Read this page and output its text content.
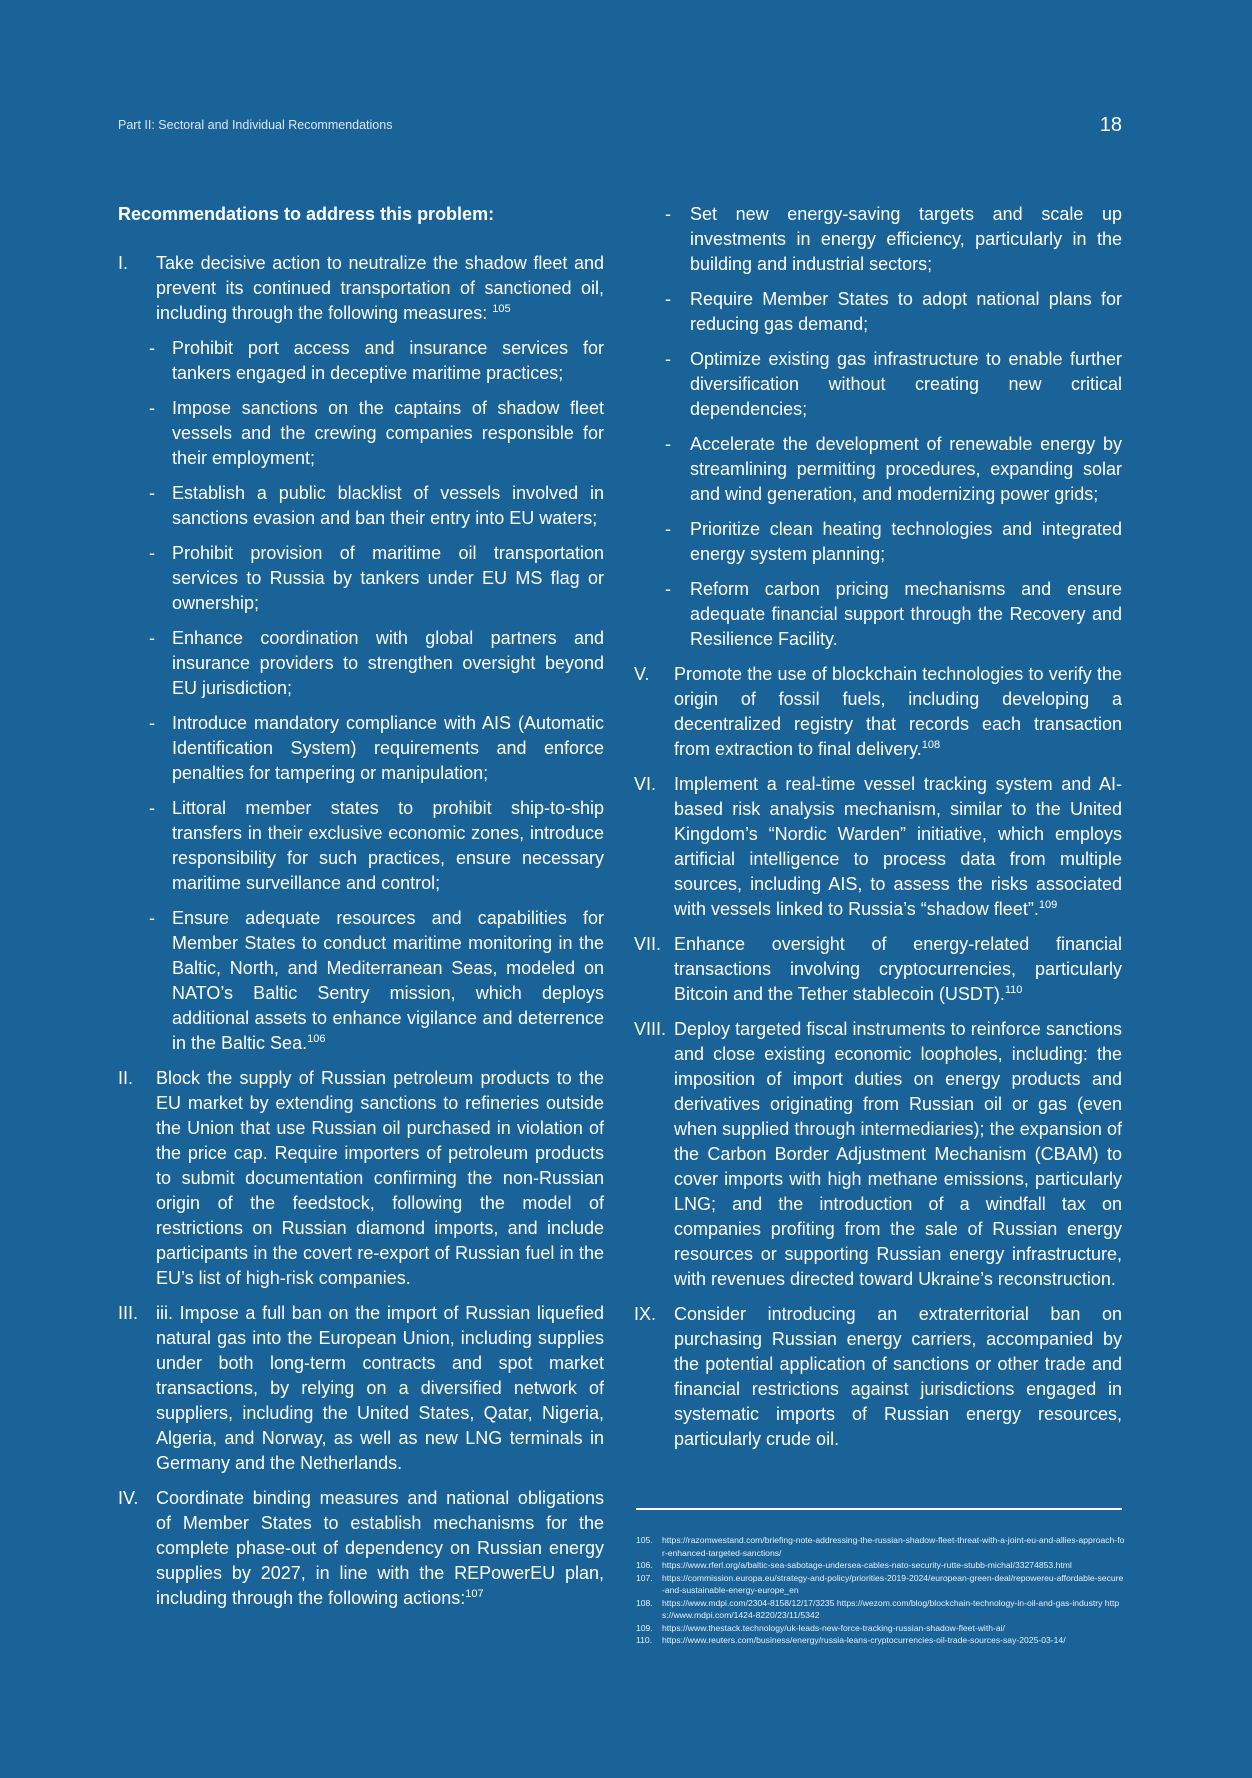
Part II: Sectoral and Individual Recommendations	18
Recommendations to address this problem:
I. Take decisive action to neutralize the shadow fleet and prevent its continued transportation of sanctioned oil, including through the following measures: $^{105}$
- Prohibit port access and insurance services for tankers engaged in deceptive maritime practices;
- Impose sanctions on the captains of shadow fleet vessels and the crewing companies responsible for their employment;
- Establish a public blacklist of vessels involved in sanctions evasion and ban their entry into EU waters;
- Prohibit provision of maritime oil transportation services to Russia by tankers under EU MS flag or ownership;
- Enhance coordination with global partners and insurance providers to strengthen oversight beyond EU jurisdiction;
- Introduce mandatory compliance with AIS (Automatic Identification System) requirements and enforce penalties for tampering or manipulation;
- Littoral member states to prohibit ship-to-ship transfers in their exclusive economic zones, introduce responsibility for such practices, ensure necessary maritime surveillance and control;
- Ensure adequate resources and capabilities for Member States to conduct maritime monitoring in the Baltic, North, and Mediterranean Seas, modeled on NATO’s Baltic Sentry mission, which deploys additional assets to enhance vigilance and deterrence in the Baltic Sea.$^{106}$
II. Block the supply of Russian petroleum products to the EU market by extending sanctions to refineries outside the Union that use Russian oil purchased in violation of the price cap. Require importers of petroleum products to submit documentation confirming the non-Russian origin of the feedstock, following the model of restrictions on Russian diamond imports, and include participants in the covert re-export of Russian fuel in the EU’s list of high-risk companies.
III. iii. Impose a full ban on the import of Russian liquefied natural gas into the European Union, including supplies under both long-term contracts and spot market transactions, by relying on a diversified network of suppliers, including the United States, Qatar, Nigeria, Algeria, and Norway, as well as new LNG terminals in Germany and the Netherlands.
IV. Coordinate binding measures and national obligations of Member States to establish mechanisms for the complete phase-out of dependency on Russian energy supplies by 2027, in line with the REPowerEU plan, including through the following actions:$^{107}$
- Set new energy-saving targets and scale up investments in energy efficiency, particularly in the building and industrial sectors;
- Require Member States to adopt national plans for reducing gas demand;
- Optimize existing gas infrastructure to enable further diversification without creating new critical dependencies;
- Accelerate the development of renewable energy by streamlining permitting procedures, expanding solar and wind generation, and modernizing power grids;
- Prioritize clean heating technologies and integrated energy system planning;
- Reform carbon pricing mechanisms and ensure adequate financial support through the Recovery and Resilience Facility.
V. Promote the use of blockchain technologies to verify the origin of fossil fuels, including developing a decentralized registry that records each transaction from extraction to final delivery.$^{108}$
VI. Implement a real-time vessel tracking system and AI-based risk analysis mechanism, similar to the United Kingdom’s “Nordic Warden” initiative, which employs artificial intelligence to process data from multiple sources, including AIS, to assess the risks associated with vessels linked to Russia’s “shadow fleet”.$^{109}$
VII. Enhance oversight of energy-related financial transactions involving cryptocurrencies, particularly Bitcoin and the Tether stablecoin (USDT).$^{110}$
VIII. Deploy targeted fiscal instruments to reinforce sanctions and close existing economic loopholes, including: the imposition of import duties on energy products and derivatives originating from Russian oil or gas (even when supplied through intermediaries); the expansion of the Carbon Border Adjustment Mechanism (CBAM) to cover imports with high methane emissions, particularly LNG; and the introduction of a windfall tax on companies profiting from the sale of Russian energy resources or supporting Russian energy infrastructure, with revenues directed toward Ukraine’s reconstruction.
IX. Consider introducing an extraterritorial ban on purchasing Russian energy carriers, accompanied by the potential application of sanctions or other trade and financial restrictions against jurisdictions engaged in systematic imports of Russian energy resources, particularly crude oil.
105. https://razomwestand.com/briefing-note-addressing-the-russian-shadow-fleet-threat-with-a-joint-eu-and-allies-approach-for-enhanced-targeted-sanctions/
106. https://www.rferl.org/a/baltic-sea-sabotage-undersea-cables-nato-security-rutte-stubb-michal/33274853.html
107. https://commission.europa.eu/strategy-and-policy/priorities-2019-2024/european-green-deal/repowereu-affordable-secure-and-sustainable-energy-europe_en
108. https://www.mdpi.com/2304-8158/12/17/3235 https://wezom.com/blog/blockchain-technology-in-oil-and-gas-industry https://www.mdpi.com/1424-8220/23/11/5342
109. https://www.thestack.technology/uk-leads-new-force-tracking-russian-shadow-fleet-with-ai/
110. https://www.reuters.com/business/energy/russia-leans-cryptocurrencies-oil-trade-sources-say-2025-03-14/
